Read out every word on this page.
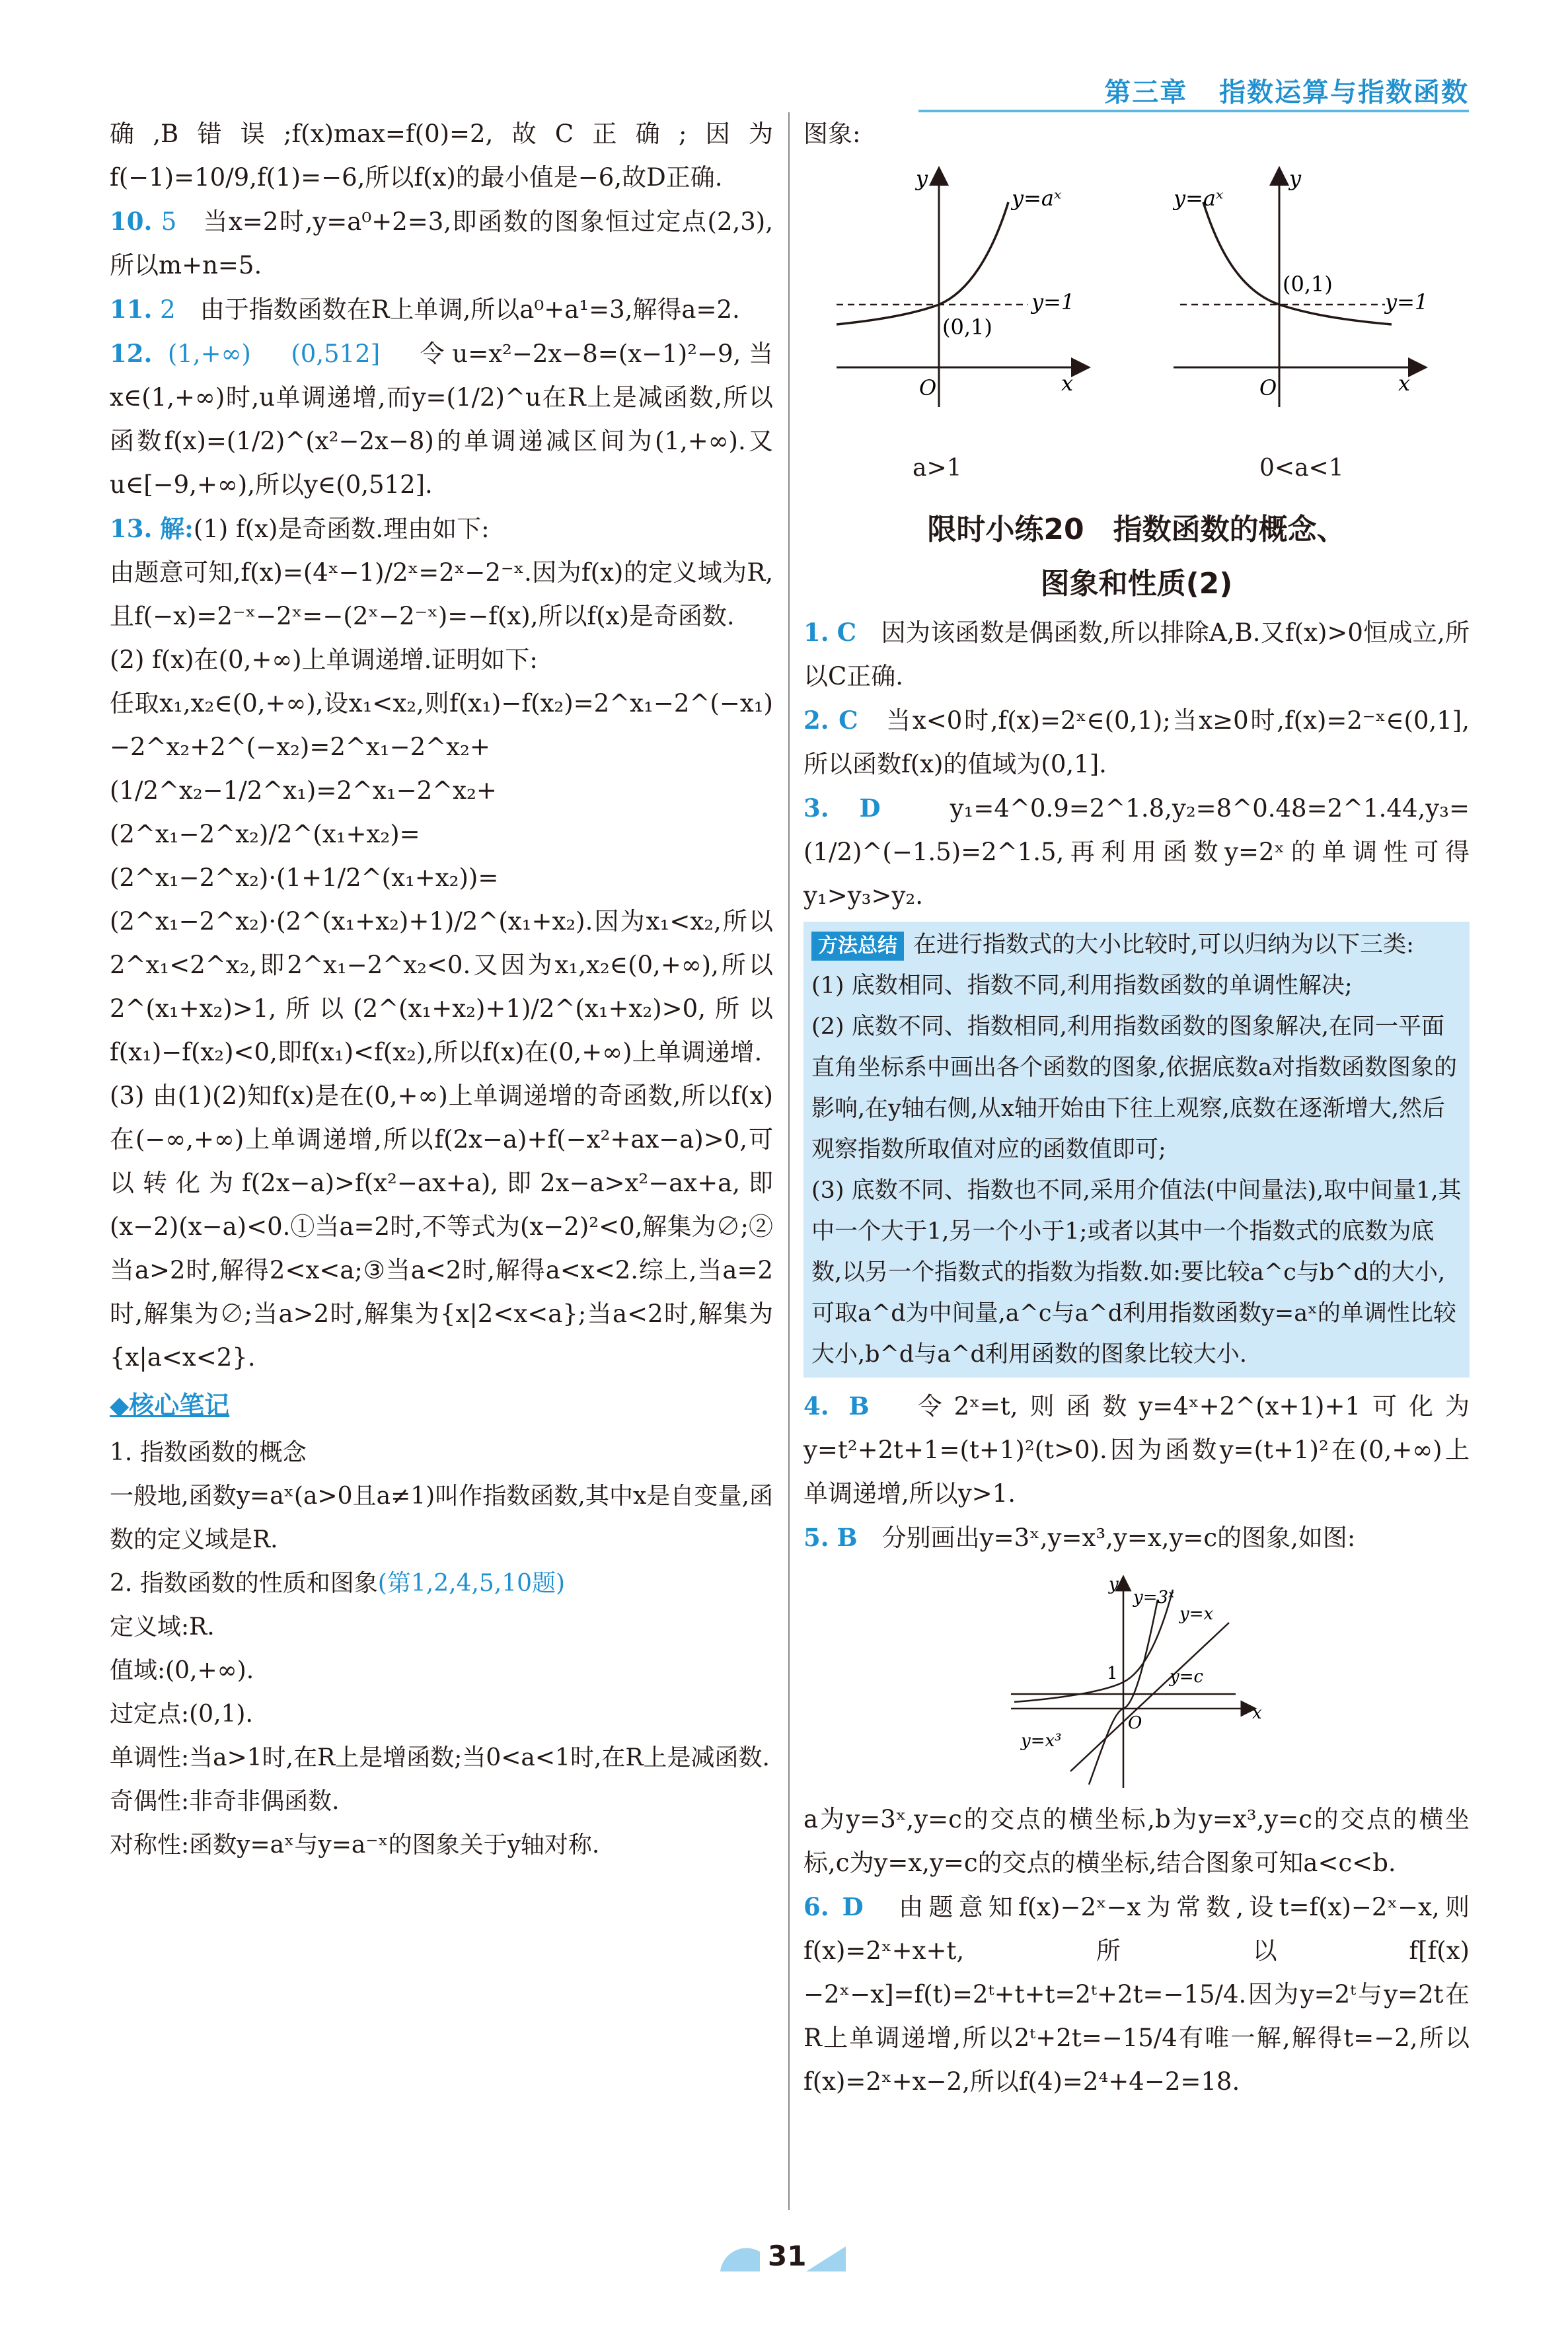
第三章 指数运算与指数函数

确,B错误;f(x)max=f(0)=2,故C正确;因为f(−1)=10/9,f(1)=−6,所以f(x)的最小值是−6,故D正确.

10. 5　 当x=2时,y=a⁰+2=3,即函数的图象恒过定点(2,3),所以m+n=5.

11. 2　 由于指数函数在R上单调,所以a⁰+a¹=3,解得a=2.

12. (1,+∞)　(0,512]　 令u=x²−2x−8=(x−1)²−9,当x∈(1,+∞)时,u单调递增,而y=(1/2)^u在R上是减函数,所以函数f(x)=(1/2)^(x²−2x−8)的单调递减区间为(1,+∞).又u∈[−9,+∞),所以y∈(0,512].

13. 解:(1) f(x)是奇函数.理由如下:

由题意可知,f(x)=(4ˣ−1)/2ˣ=2ˣ−2⁻ˣ.因为f(x)的定义域为R,且f(−x)=2⁻ˣ−2ˣ=−(2ˣ−2⁻ˣ)=−f(x),所以f(x)是奇函数.

(2) f(x)在(0,+∞)上单调递增.证明如下:

任取x₁,x₂∈(0,+∞),设x₁<x₂,则f(x₁)−f(x₂)=2^x₁−2^(−x₁)−2^x₂+2^(−x₂)=2^x₁−2^x₂+(1/2^x₂−1/2^x₁)=2^x₁−2^x₂+(2^x₁−2^x₂)/2^(x₁+x₂)=(2^x₁−2^x₂)·(1+1/2^(x₁+x₂))=(2^x₁−2^x₂)·(2^(x₁+x₂)+1)/2^(x₁+x₂).因为x₁<x₂,所以2^x₁<2^x₂,即2^x₁−2^x₂<0.又因为x₁,x₂∈(0,+∞),所以2^(x₁+x₂)>1,所以(2^(x₁+x₂)+1)/2^(x₁+x₂)>0,所以f(x₁)−f(x₂)<0,即f(x₁)<f(x₂),所以f(x)在(0,+∞)上单调递增.

(3) 由(1)(2)知f(x)是在(0,+∞)上单调递增的奇函数,所以f(x)在(−∞,+∞)上单调递增,所以f(2x−a)+f(−x²+ax−a)>0,可以转化为f(2x−a)>f(x²−ax+a),即2x−a>x²−ax+a,即(x−2)(x−a)<0.①当a=2时,不等式为(x−2)²<0,解集为∅;②当a>2时,解得2<x<a;③当a<2时,解得a<x<2.综上,当a=2时,解集为∅;当a>2时,解集为{x|2<x<a};当a<2时,解集为{x|a<x<2}.

◆核心笔记

1. 指数函数的概念

一般地,函数y=aˣ(a>0且a≠1)叫作指数函数,其中x是自变量,函数的定义域是R.

2. 指数函数的性质和图象(第1,2,4,5,10题)

定义域:R.

值域:(0,+∞).

过定点:(0,1).

单调性:当a>1时,在R上是增函数;当0<a<1时,在R上是减函数.

奇偶性:非奇非偶函数.

对称性:函数y=aˣ与y=a⁻ˣ的图象关于y轴对称.

图象:

y=aˣ
y=1
(0,1)
O	x
y
y=aˣ
y=1
(0,1)
O	x
y
a>1	0<a<1
限时小练20　指数函数的概念、
图象和性质(2)

1. C　 因为该函数是偶函数,所以排除A,B.又f(x)>0恒成立,所以C正确.

2. C　 当x<0时,f(x)=2ˣ∈(0,1);当x≥0时,f(x)=2⁻ˣ∈(0,1],所以函数f(x)的值域为(0,1].

3. D　	y₁=4^0.9=2^1.8,y₂=8^0.48=2^1.44,y₃=(1/2)^(−1.5)=2^1.5,再利用函数y=2ˣ的单调性可得y₁>y₃>y₂.

方法总结 在进行指数式的大小比较时,可以归纳为以下三类:
(1) 底数相同、指数不同,利用指数函数的单调性解决;
(2) 底数不同、指数相同,利用指数函数的图象解决,在同一平面直角坐标系中画出各个函数的图象,依据底数a对指数函数图象的影响,在y轴右侧,从x轴开始由下往上观察,底数在逐渐增大,然后观察指数所取值对应的函数值即可;
(3) 底数不同、指数也不同,采用介值法(中间量法),取中间量1,其中一个大于1,另一个小于1;或者以其中一个指数式的底数为底数,以另一个指数式的指数为指数.如:要比较a^c与b^d的大小,可取a^d为中间量,a^c与a^d利用指数函数y=aˣ的单调性比较大小,b^d与a^d利用函数的图象比较大小.

4. B　 令2ˣ=t,则函数y=4ˣ+2^(x+1)+1可化为y=t²+2t+1=(t+1)²(t>0).因为函数y=(t+1)²在(0,+∞)上单调递增,所以y>1.

5. B　 分别画出y=3ˣ,y=x³,y=x,y=c的图象,如图:

y=3ˣ
y=x
y=c
y=x³
1
O	x
y

a为y=3ˣ,y=c的交点的横坐标,b为y=x³,y=c的交点的横坐标,c为y=x,y=c的交点的横坐标,结合图象可知a<c<b.

6. D　 由题意知f(x)−2ˣ−x为常数,设t=f(x)−2ˣ−x,则f(x)=2ˣ+x+t,所以f[f(x)−2ˣ−x]=f(t)=2ᵗ+t+t=2ᵗ+2t=−15/4.因为y=2ᵗ与y=2t在R上单调递增,所以2ᵗ+2t=−15/4有唯一解,解得t=−2,所以f(x)=2ˣ+x−2,所以f(4)=2⁴+4−2=18.

31
